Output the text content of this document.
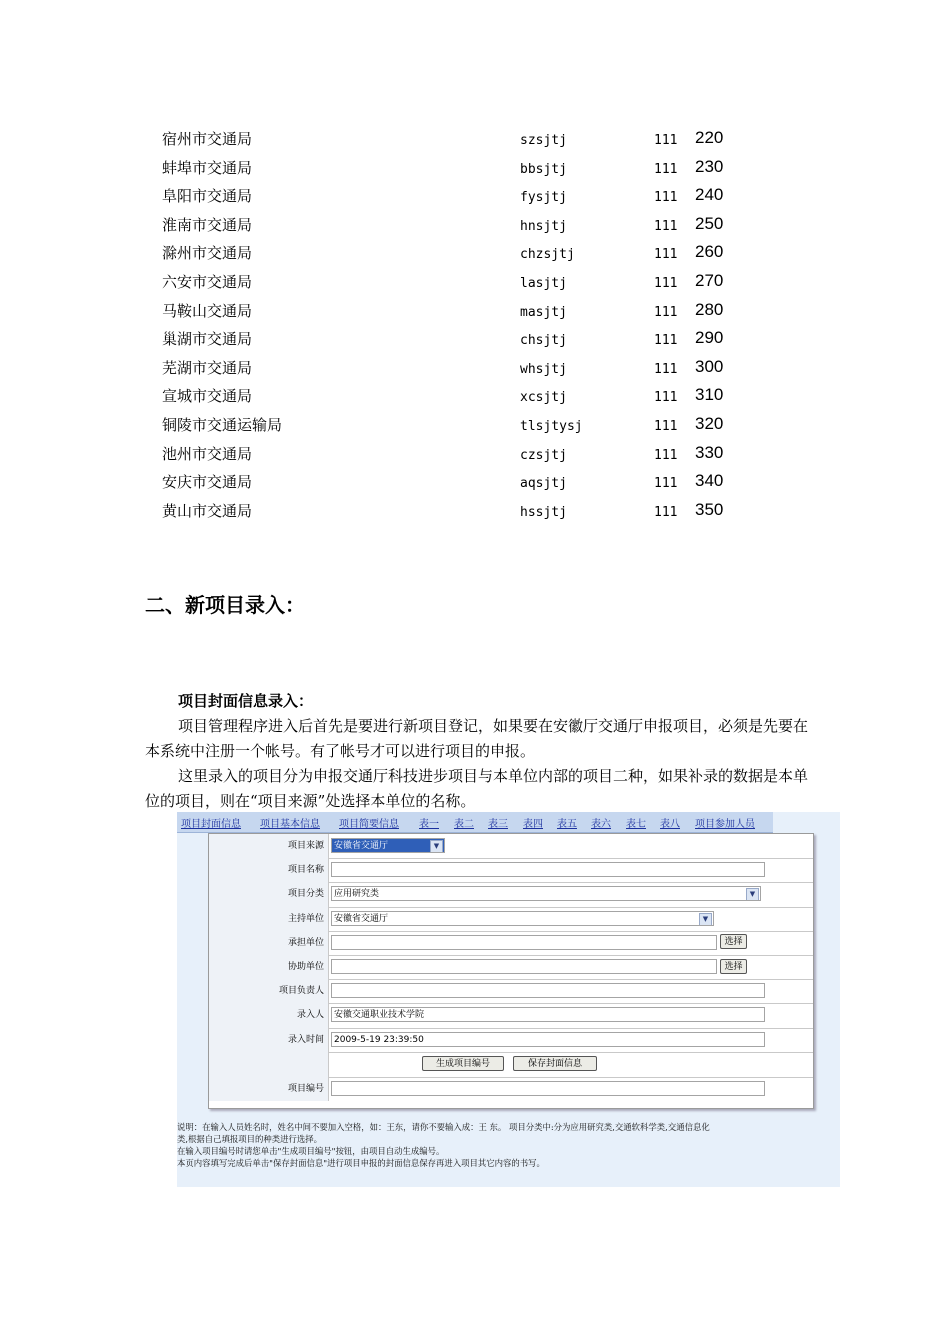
宿州市交通局	szsjtj	111 220
蚌埠市交通局	bbsjtj	111 230
阜阳市交通局	fysjtj	111 240
淮南市交通局	hnsjtj	111 250
滁州市交通局	chzsjtj	111 260
六安市交通局	lasjtj	111 270
马鞍山交通局	masjtj	111 280
巢湖市交通局	chsjtj	111 290
芜湖市交通局	whsjtj	111 300
宣城市交通局	xcsjtj	111 310
铜陵市交通运输局	tlsjtysj	111 320
池州市交通局	czsjtj	111 330
安庆市交通局	aqsjtj	111 340
黄山市交通局	hssjtj	111 350
二、新项目录入：
项目封面信息录入：
项目管理程序进入后首先是要进行新项目登记，如果要在安徽厅交通厅申报项目，必须是先要在本系统中注册一个帐号。有了帐号才可以进行项目的申报。
这里录入的项目分为申报交通厅科技进步项目与本单位内部的项目二种，如果补录的数据是本单位的项目，则在“项目来源”处选择本单位的名称。
项目封面信息 项目基本信息 项目简要信息 表一 表二 表三 表四 表五 表六 表七 表八 项目参加人员
项目来源	安徽省交通厅	▼
项目名称
项目分类	应用研究类	▼
主持单位	安徽省交通厅	▼
承担单位	选择
协助单位	选择
项目负责人
录入人	安徽交通职业技术学院
录入时间	2009-5-19 23:39:50
生成项目编号	保存封面信息
项目编号
说明：在输入人员姓名时，姓名中间不要加入空格，如：王东，请你不要输入成：王 东。 项目分类中:分为应用研究类,交通软科学类,交通信息化
类,根据自己填报项目的种类进行选择。
在输入项目编号时请您单击"生成项目编号"按钮，由项目自动生成编号。
本页内容填写完成后单击"保存封面信息"进行项目申报的封面信息保存再进入项目其它内容的书写。
